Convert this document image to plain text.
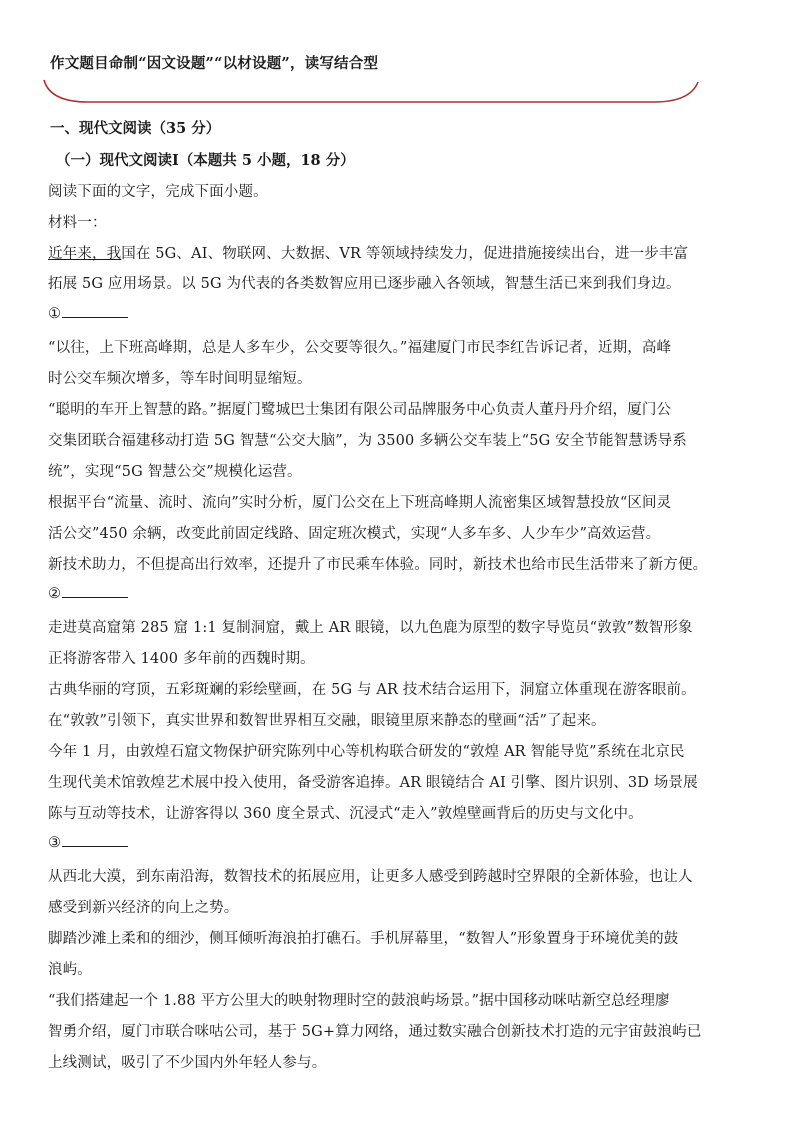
作文题目命制“因文设题”“以材设题”，读写结合型
一、现代文阅读（35 分）
（一）现代文阅读Ⅰ（本题共 5 小题，18 分）
阅读下面的文字，完成下面小题。
材料一：
近年来，我国在 5G、AI、物联网、大数据、VR 等领域持续发力，促进措施接续出台，进一步丰富
拓展 5G 应用场景。以 5G 为代表的各类数智应用已逐步融入各领域，智慧生活已来到我们身边。
①
“以往，上下班高峰期，总是人多车少，公交要等很久。”福建厦门市民李红告诉记者，近期，高峰
时公交车频次增多，等车时间明显缩短。
“聪明的车开上智慧的路。”据厦门鹭城巴士集团有限公司品牌服务中心负责人董丹丹介绍，厦门公
交集团联合福建移动打造 5G 智慧“公交大脑”，为 3500 多辆公交车装上“5G 安全节能智慧诱导系
统”，实现“5G 智慧公交”规模化运营。
根据平台“流量、流时、流向”实时分析，厦门公交在上下班高峰期人流密集区域智慧投放“区间灵
活公交”450 余辆，改变此前固定线路、固定班次模式，实现“人多车多、人少车少”高效运营。
新技术助力，不但提高出行效率，还提升了市民乘车体验。同时，新技术也给市民生活带来了新方便。
②
走进莫高窟第 285 窟 1:1 复制洞窟，戴上 AR 眼镜，以九色鹿为原型的数字导览员“敦敦”数智形象
正将游客带入 1400 多年前的西魏时期。
古典华丽的穹顶，五彩斑斓的彩绘壁画，在 5G 与 AR 技术结合运用下，洞窟立体重现在游客眼前。
在“敦敦”引领下，真实世界和数智世界相互交融，眼镜里原来静态的壁画“活”了起来。
今年 1 月，由敦煌石窟文物保护研究陈列中心等机构联合研发的“敦煌 AR 智能导览”系统在北京民
生现代美术馆敦煌艺术展中投入使用，备受游客追捧。AR 眼镜结合 AI 引擎、图片识别、3D 场景展
陈与互动等技术，让游客得以 360 度全景式、沉浸式“走入”敦煌壁画背后的历史与文化中。
③
从西北大漠，到东南沿海，数智技术的拓展应用，让更多人感受到跨越时空界限的全新体验，也让人
感受到新兴经济的向上之势。
脚踏沙滩上柔和的细沙，侧耳倾听海浪拍打礁石。手机屏幕里，“数智人”形象置身于环境优美的鼓
浪屿。
“我们搭建起一个 1.88 平方公里大的映射物理时空的鼓浪屿场景。”据中国移动咪咕新空总经理廖
智勇介绍，厦门市联合咪咕公司，基于 5G+算力网络，通过数实融合创新技术打造的元宇宙鼓浪屿已
上线测试，吸引了不少国内外年轻人参与。
